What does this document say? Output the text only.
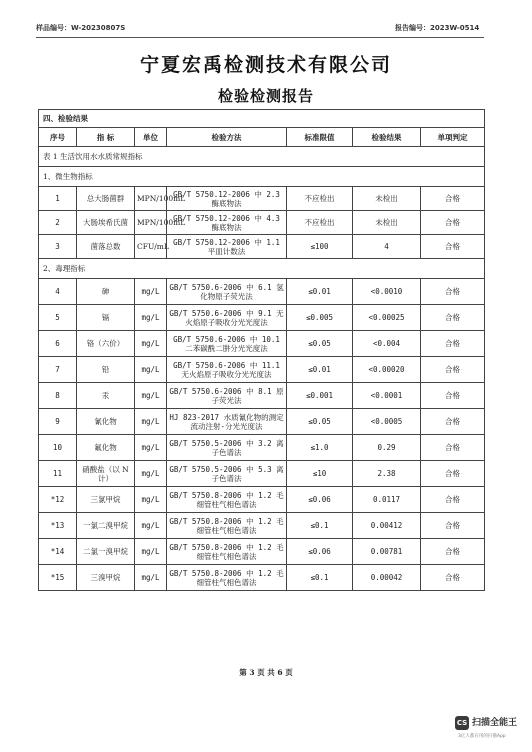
样品编号：W-20230807S	报告编号：2023W-0514
宁夏宏禹检测技术有限公司
检验检测报告
四、检验结果						
序号	指 标	单位	检验方法	标准限值	检验结果	单项判定
表 1 生活饮用水水质常规指标						
1、微生物指标						
1	总大肠菌群	MPN/100mL	GB/T 5750.12-2006 中 2.3 酶底物法	不应检出	未检出	合格
2	大肠埃希氏菌	MPN/100mL	GB/T 5750.12-2006 中 4.3 酶底物法	不应检出	未检出	合格
3	菌落总数	CFU/mL	GB/T 5750.12-2006 中 1.1 平皿计数法	≤100	4	合格
2、毒理指标						
4	砷	mg/L	GB/T 5750.6-2006 中 6.1 氢化物原子荧光法	≤0.01	<0.0010	合格
5	镉	mg/L	GB/T 5750.6-2006 中 9.1 无火焰原子吸收分光光度法	≤0.005	<0.00025	合格
6	铬（六价）	mg/L	GB/T 5750.6-2006 中 10.1 二苯碳酰二肼分光光度法	≤0.05	<0.004	合格
7	铅	mg/L	GB/T 5750.6-2006 中 11.1 无火焰原子吸收分光光度法	≤0.01	<0.00020	合格
8	汞	mg/L	GB/T 5750.6-2006 中 8.1 原子荧光法	≤0.001	<0.0001	合格
9	氰化物	mg/L	HJ 823-2017 水质氰化物的测定流动注射-分光光度法	≤0.05	<0.0005	合格
10	氟化物	mg/L	GB/T 5750.5-2006 中 3.2 离子色谱法	≤1.0	0.29	合格
11	硝酸盐（以 N 计）	mg/L	GB/T 5750.5-2006 中 5.3 离子色谱法	≤10	2.38	合格
*12	三氯甲烷	mg/L	GB/T 5750.8-2006 中 1.2 毛细管柱气相色谱法	≤0.06	0.0117	合格
*13	一氯二溴甲烷	mg/L	GB/T 5750.8-2006 中 1.2 毛细管柱气相色谱法	≤0.1	0.00412	合格
*14	二氯一溴甲烷	mg/L	GB/T 5750.8-2006 中 1.2 毛细管柱气相色谱法	≤0.06	0.00781	合格
*15	三溴甲烷	mg/L	GB/T 5750.8-2006 中 1.2 毛细管柱气相色谱法	≤0.1	0.00042	合格
第 3 页 共 6 页
CS 扫描全能王
3亿人都在用的扫描App
